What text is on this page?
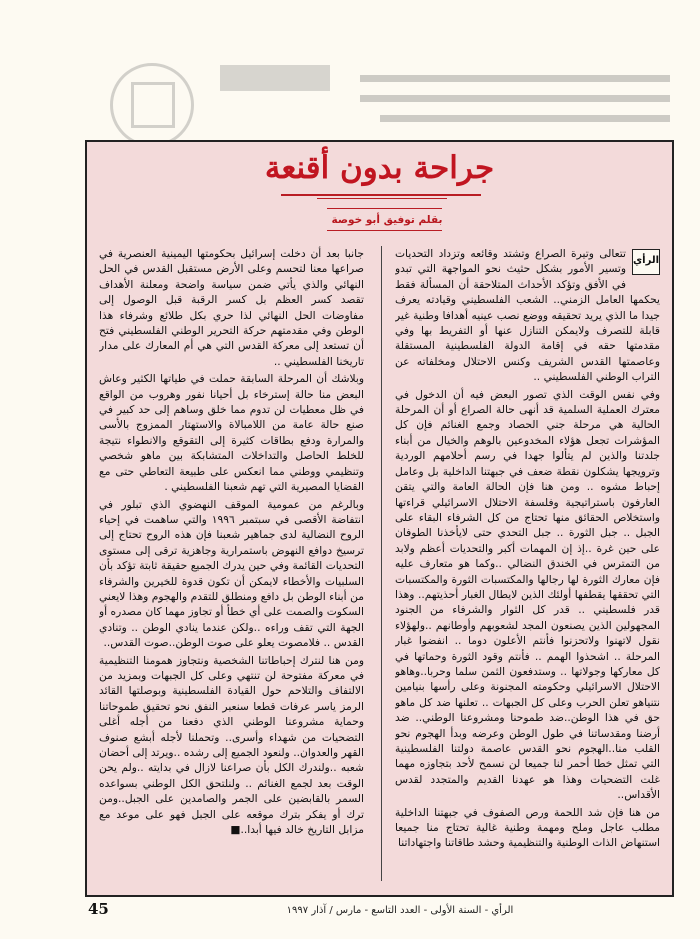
جراحة بدون أقنعة
بقلم توفيق أبو خوصة
الرأي

تتعالى وتيرة الصراع وتشتد وقائعه وتزداد التحديات وتسير الأمور بشكل حثيث نحو المواجهة التي تبدو في الأفق وتؤكد الأحداث المتلاحقة أن المسألة فقط يحكمها العامل الزمني.. الشعب الفلسطيني وقيادته يعرف جيدا ما الذي يريد تحقيقه ووضع نصب عينيه أهدافا وطنية غير قابلة للتصرف ولايمكن التنازل عنها أو التفريط بها وفي مقدمتها حقه في إقامة الدولة الفلسطينية المستقلة وعاصمتها القدس الشريف وكنس الاحتلال ومخلفاته عن التراب الوطني الفلسطيني ..

وفي نفس الوقت الذي تصور البعض فيه أن الدخول في معترك العملية السلمية قد أنهى حالة الصراع أو أن المرحلة الحالية هي مرحلة جني الحصاد وجمع الغنائم فإن كل المؤشرات تجعل هؤلاء المخدوعين بالوهم والخيال من أبناء جلدتنا والذين لم يتألوا جهدا في رسم أحلامهم الوردية وترويجها يشكلون نقطة ضعف في جبهتنا الداخلية بل وعامل إحباط مشوه .. ومن هنا فإن الحالة العامة والتي يتقن العارفون باستراتيجية وفلسفة الاحتلال الاسرائيلي قراءتها واستخلاص الحقائق منها تحتاج من كل الشرفاء البقاء على الجبل .. جبل الثورة .. جبل التحدي حتى لايأخذنا الطوفان على حين غرة ..إذ إن المهمات أكبر والتحديات أعظم ولابد من التمترس في الخندق النضالي ..وكما هو متعارف عليه فإن معارك الثورة لها رجالها والمكتسبات الثورة والمكتسبات التي تحققها يقطفها أولئك الذين لايطال الغبار أحذيتهم.. وهذا قدر فلسطيني .. قدر كل الثوار والشرفاء من الجنود المجهولين الذين يصنعون المجد لشعوبهم وأوطانهم ..ولهؤلاء نقول لاتهنوا ولاتحزنوا فأنتم الأعلون دوما .. انفضوا غبار المرحلة .. اشحذوا الهمم .. فأنتم وقود الثورة وحماتها في كل معاركها وجولاتها .. وستدفعون الثمن سلما وحربا..وهاهو الاحتلال الاسرائيلي وحكومته المجنونة وعلى رأسها بنيامين نتنياهو تعلن الحرب وعلى كل الجبهات .. تعلنها ضد كل ماهو حق في هذا الوطن..ضد طموحنا ومشروعنا الوطني.. ضد أرضنا ومقدساتنا في طول الوطن وعرضه وبدأ الهجوم نحو القلب منا..الهجوم نحو القدس عاصمة دولتنا الفلسطينية التي تمثل خطا أحمر لنا جميعا لن نسمح لأحد بتجاوزه مهما غلت التضحيات وهذا هو عهدنا القديم والمتجدد لقدس الأقداس..

من هنا فإن شد اللحمة ورص الصفوف في جبهتنا الداخلية مطلب عاجل وملح ومهمة وطنية غالية تحتاج منا جميعا استنهاض الذات الوطنية والتنظيمية وحشد طاقاتنا واجتهاداتنا

جانبا بعد أن دخلت إسرائيل بحكومتها اليمينية العنصرية في صراعها معنا لتحسم وعلى الأرض مستقبل القدس في الحل النهائي والذي يأتي ضمن سياسة واضحة ومعلنة الأهداف تقصد كسر العظم بل كسر الرقبة قبل الوصول إلى مفاوضات الحل النهائي لذا حري بكل طلائع وشرفاء هذا الوطن وفي مقدمتهم حركة التحرير الوطني الفلسطيني فتح أن تستعد إلى معركة القدس التي هي أم المعارك على مدار تاريخنا الفلسطيني ..

وبلاشك أن المرحلة السابقة حملت في طياتها الكثير وعاش البعض منا حالة إسترخاء بل أحيانا نفور وهروب من الواقع في ظل معطيات لن تدوم مما خلق وساهم إلى حد كبير في صنع حالة عامة من اللامبالاة والاستهتار الممزوج بالأسى والمرارة ودفع بطاقات كثيرة إلى التقوقع والانطواء نتيجة للخلط الحاصل والتداخلات المتشابكة بين ماهو شخصي وتنظيمي ووطني مما انعكس على طبيعة التعاطي حتى مع القضايا المصيرية التي تهم شعبنا الفلسطيني .

وبالرغم من عمومية الموقف النهضوي الذي تبلور في انتفاضة الأقصى في سبتمبر ١٩٩٦ والتي ساهمت في إحياء الروح النضالية لدى جماهير شعبنا فإن هذه الروح تحتاج إلى ترسيخ دوافع النهوض باستمرارية وجاهزية ترقى إلى مستوى التحديات القائمة وفي حين يدرك الجميع حقيقة ثابتة تؤكد بأن السلبيات والأخطاء لايمكن أن تكون قدوة للخيرين والشرفاء من أبناء الوطن بل دافع ومنطلق للتقدم والهجوم وهذا لايعني السكوت والصمت على أي خطأ أو تجاوز مهما كان مصدره أو الجهة التي تقف وراءه ..ولكن عندما ينادي الوطن .. وتنادي القدس .. فلامصوت يعلو على صوت الوطن..صوت القدس..

ومن هنا لنترك إحباطاتنا الشخصية ونتجاوز همومنا التنظيمية في معركة مفتوحة لن تنتهي وعلى كل الجبهات وبمزيد من الالتفاف والتلاحم حول القيادة الفلسطينية وبوصلتها القائد الرمز ياسر عرفات قطعا سنعبر النفق نحو تحقيق طموحاتنا وحماية مشروعنا الوطني الذي دفعنا من أجله أغلى التضحيات من شهداء وأسرى.. وتحملنا لأجله أبشع صنوف القهر والعدوان.. ولنعود الجميع إلى رشده ..ويرتد إلى أحضان شعبه ..ولندرك الكل بأن صراعنا لازال في بدايته ..ولم يحن الوقت بعد لجمع الغنائم .. ولنلتحق الكل الوطني بسواعده السمر بالقابضين على الجمر والصامدين على الجبل..ومن ترك أو يفكر بترك موقعه على الجبل فهو على موعد مع مزابل التاريخ خالد فيها أبدا..■

45	الرأي - السنة الأولى - العدد التاسع - مارس / آذار ١٩٩٧
